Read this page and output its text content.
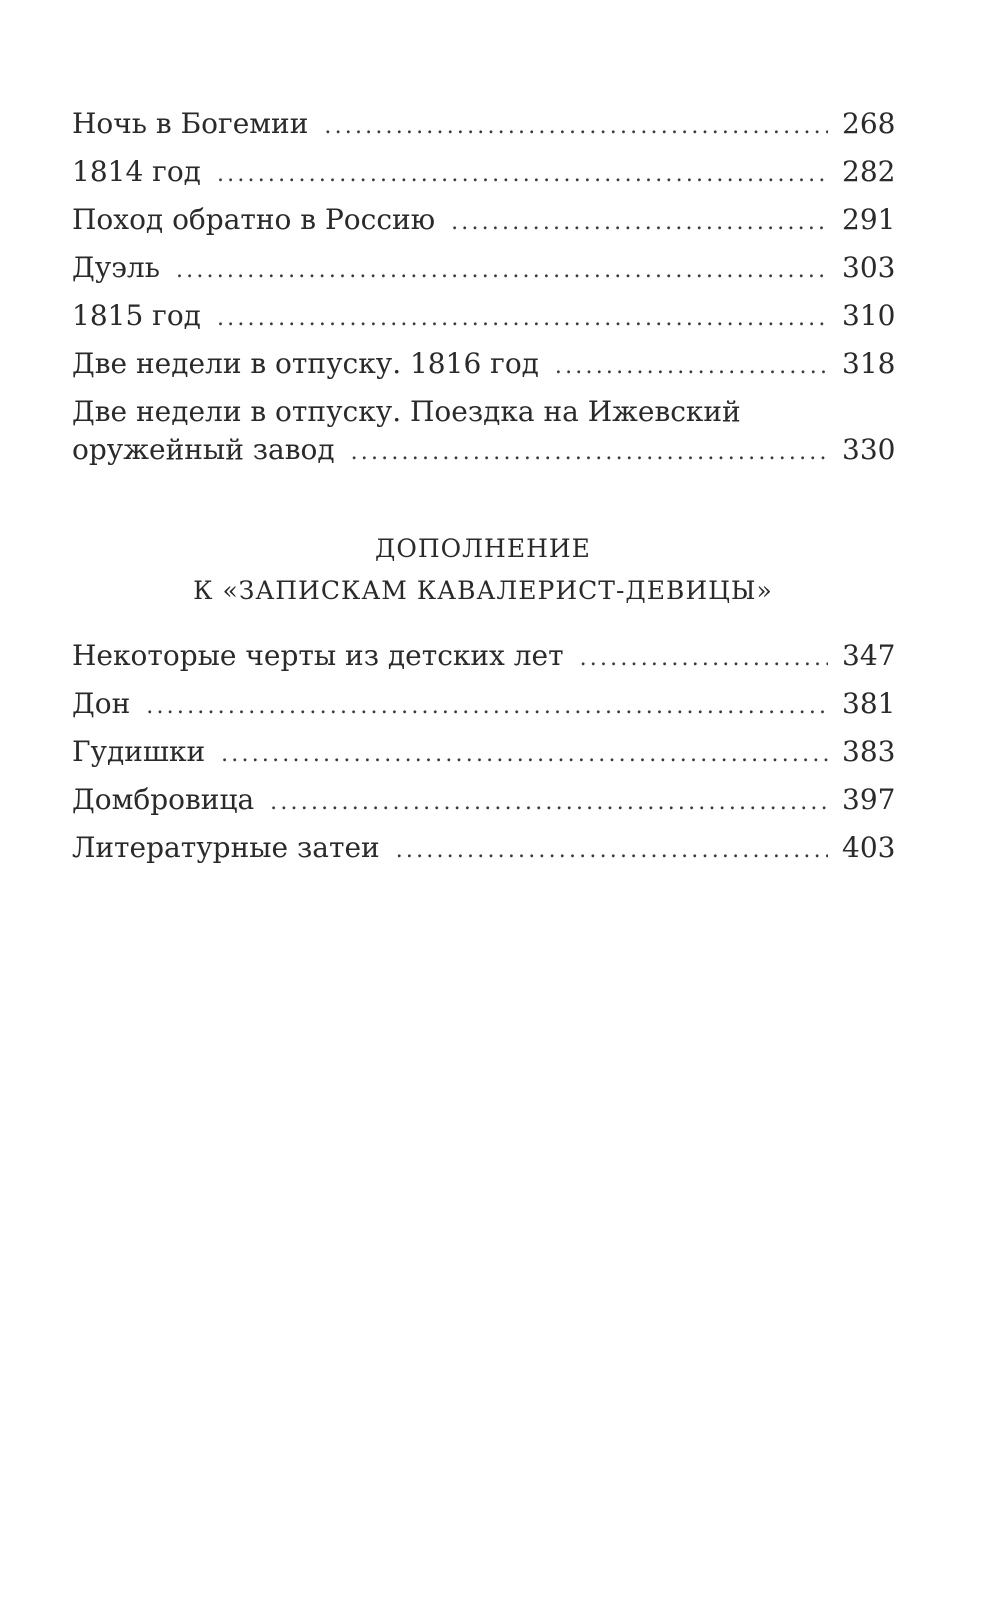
Ночь в Богемии .....	268
1814 год .....	282
Поход обратно в Россию .....	291
Дуэль .....	303
1815 год .....	310
Две недели в отпуску. 1816 год .....	318
Две недели в отпуску. Поездка на Ижевский
оружейный завод .....	330
ДОПОЛНЕНИЕ
К «ЗАПИСКАМ КАВАЛЕРИСТ-ДЕВИЦЫ»
Некоторые черты из детских лет .....	347
Дон .....	381
Гудишки .....	383
Домбровица .....	397
Литературные затеи .....	403
